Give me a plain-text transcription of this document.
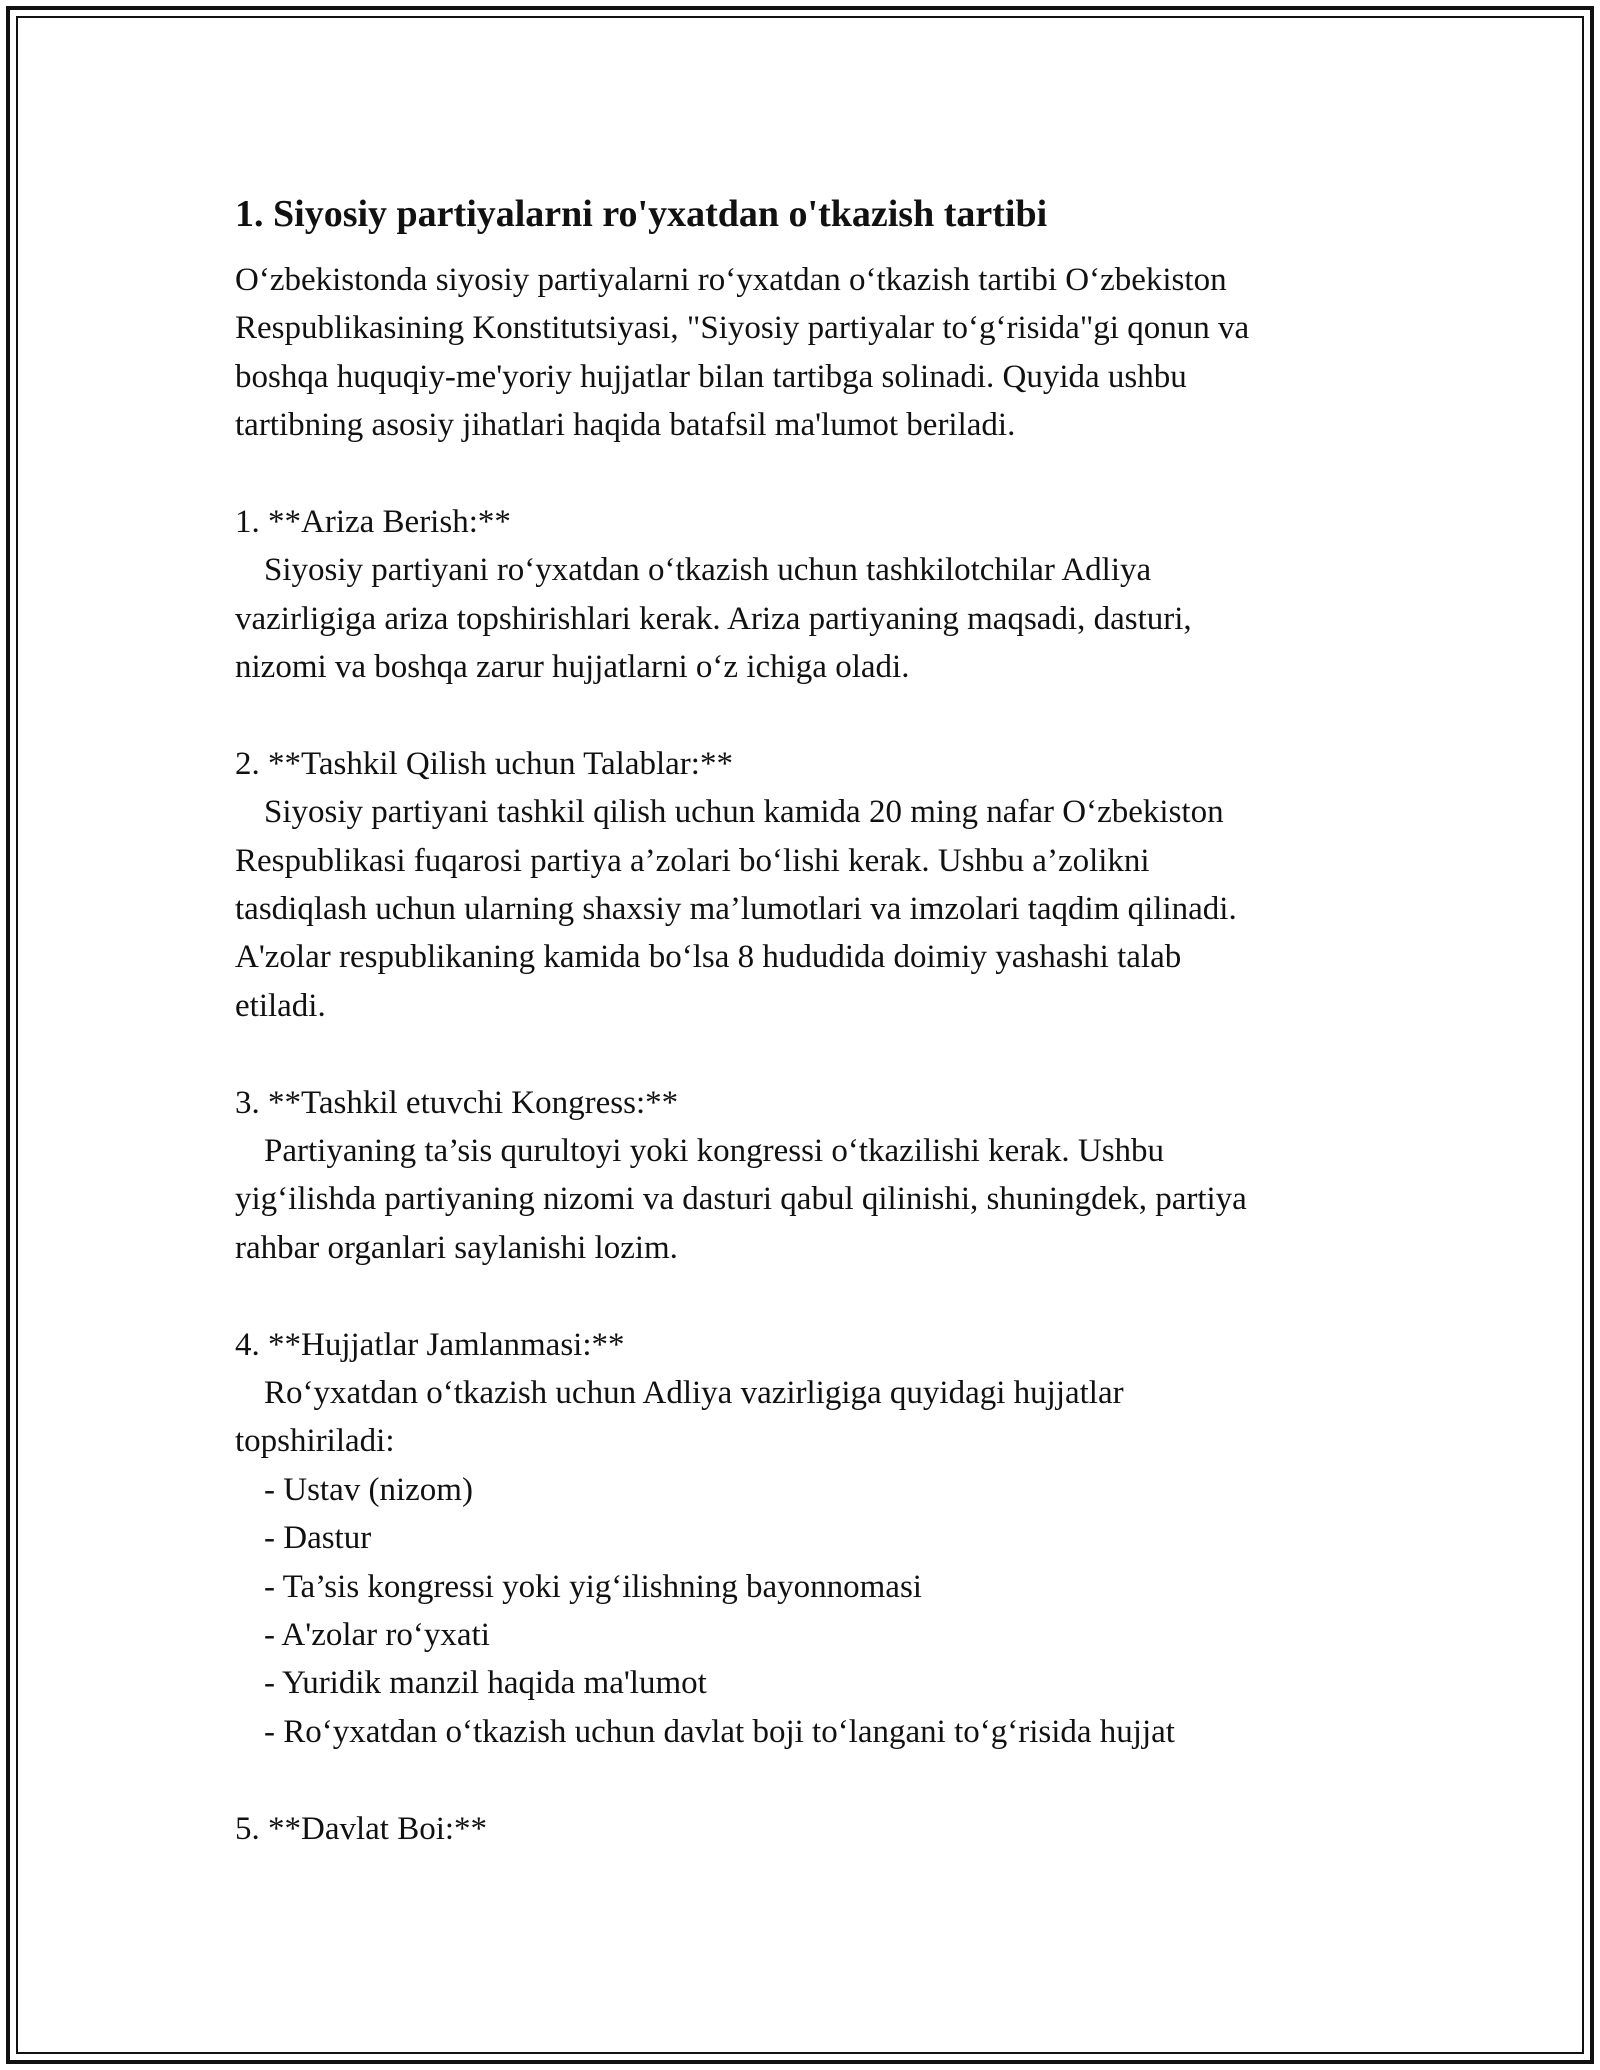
1. Siyosiy partiyalarni ro'yxatdan o'tkazish tartibi
O‘zbekistonda siyosiy partiyalarni ro‘yxatdan o‘tkazish tartibi O‘zbekiston
Respublikasining Konstitutsiyasi, "Siyosiy partiyalar to‘g‘risida"gi qonun va
boshqa huquqiy-me'yoriy hujjatlar bilan tartibga solinadi. Quyida ushbu
tartibning asosiy jihatlari haqida batafsil ma'lumot beriladi.
1. **Ariza Berish:**
Siyosiy partiyani ro‘yxatdan o‘tkazish uchun tashkilotchilar Adliya
vazirligiga ariza topshirishlari kerak. Ariza partiyaning maqsadi, dasturi,
nizomi va boshqa zarur hujjatlarni o‘z ichiga oladi.
2. **Tashkil Qilish uchun Talablar:**
Siyosiy partiyani tashkil qilish uchun kamida 20 ming nafar O‘zbekiston
Respublikasi fuqarosi partiya a’zolari bo‘lishi kerak. Ushbu a’zolikni
tasdiqlash uchun ularning shaxsiy ma’lumotlari va imzolari taqdim qilinadi.
A'zolar respublikaning kamida bo‘lsa 8 hududida doimiy yashashi talab
etiladi.
3. **Tashkil etuvchi Kongress:**
Partiyaning ta’sis qurultoyi yoki kongressi o‘tkazilishi kerak. Ushbu
yig‘ilishda partiyaning nizomi va dasturi qabul qilinishi, shuningdek, partiya
rahbar organlari saylanishi lozim.
4. **Hujjatlar Jamlanmasi:**
Ro‘yxatdan o‘tkazish uchun Adliya vazirligiga quyidagi hujjatlar
topshiriladi:
- Ustav (nizom)
- Dastur
- Ta’sis kongressi yoki yig‘ilishning bayonnomasi
- A'zolar ro‘yxati
- Yuridik manzil haqida ma'lumot
- Ro‘yxatdan o‘tkazish uchun davlat boji to‘langani to‘g‘risida hujjat
5. **Davlat Boi:**
